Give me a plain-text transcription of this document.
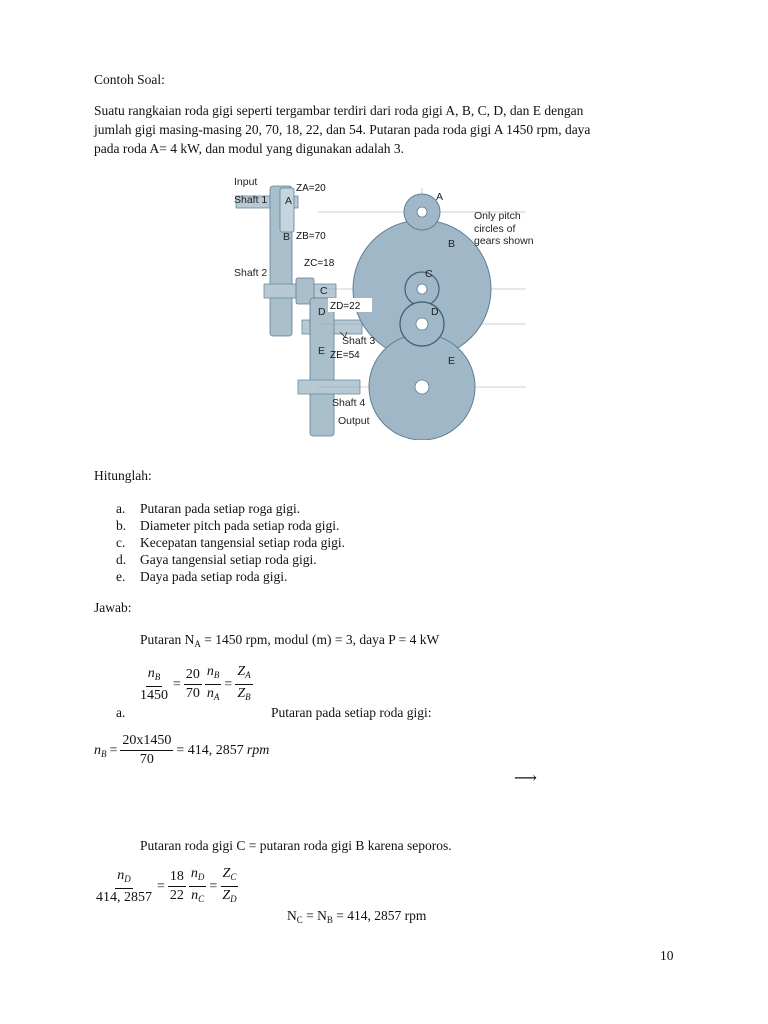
Contoh Soal:
Suatu rangkaian roda gigi seperti tergambar terdiri dari roda gigi A, B, C, D, dan E dengan
jumlah gigi masing-masing 20, 70, 18, 22, dan 54. Putaran pada roda gigi A 1450 rpm, daya
pada roda A= 4 kW, dan modul yang digunakan adalah 3.
Input
Shaft 1
Shaft 2
Shaft 3
Shaft 4
Output
Only pitch
circles of
gears shown
A
B
C
D
E
A
B
C
D
E
ZA=20
ZB=70
ZC=18
ZD=22
ZE=54
Hitunglah:
a. Putaran pada setiap roga gigi.
b. Diameter pitch pada setiap roda gigi.
c. Kecepatan tangensial setiap roda gigi.
d. Gaya tangensial setiap roda gigi.
e. Daya pada setiap roda gigi.
Jawab:
Putaran $N_A = 1450$ rpm, modul (m) = 3, daya P = 4 kW
$\frac{n_B}{1450} = \frac{20}{70} \frac{n_B}{n_A} = \frac{Z_A}{Z_B}$
a.	Putaran pada setiap roda gigi:
$n_B = \frac{20x1450}{70} = 414$, 2857 rpm
⟶
Putaran roda gigi C = putaran roda gigi B karena seporos.
$\frac{n_D}{414, 2857} = \frac{18}{22} \frac{n_D}{n_C} = \frac{Z_C}{Z_D}$
$N_C = N_B = 414$, 2857 rpm
10
